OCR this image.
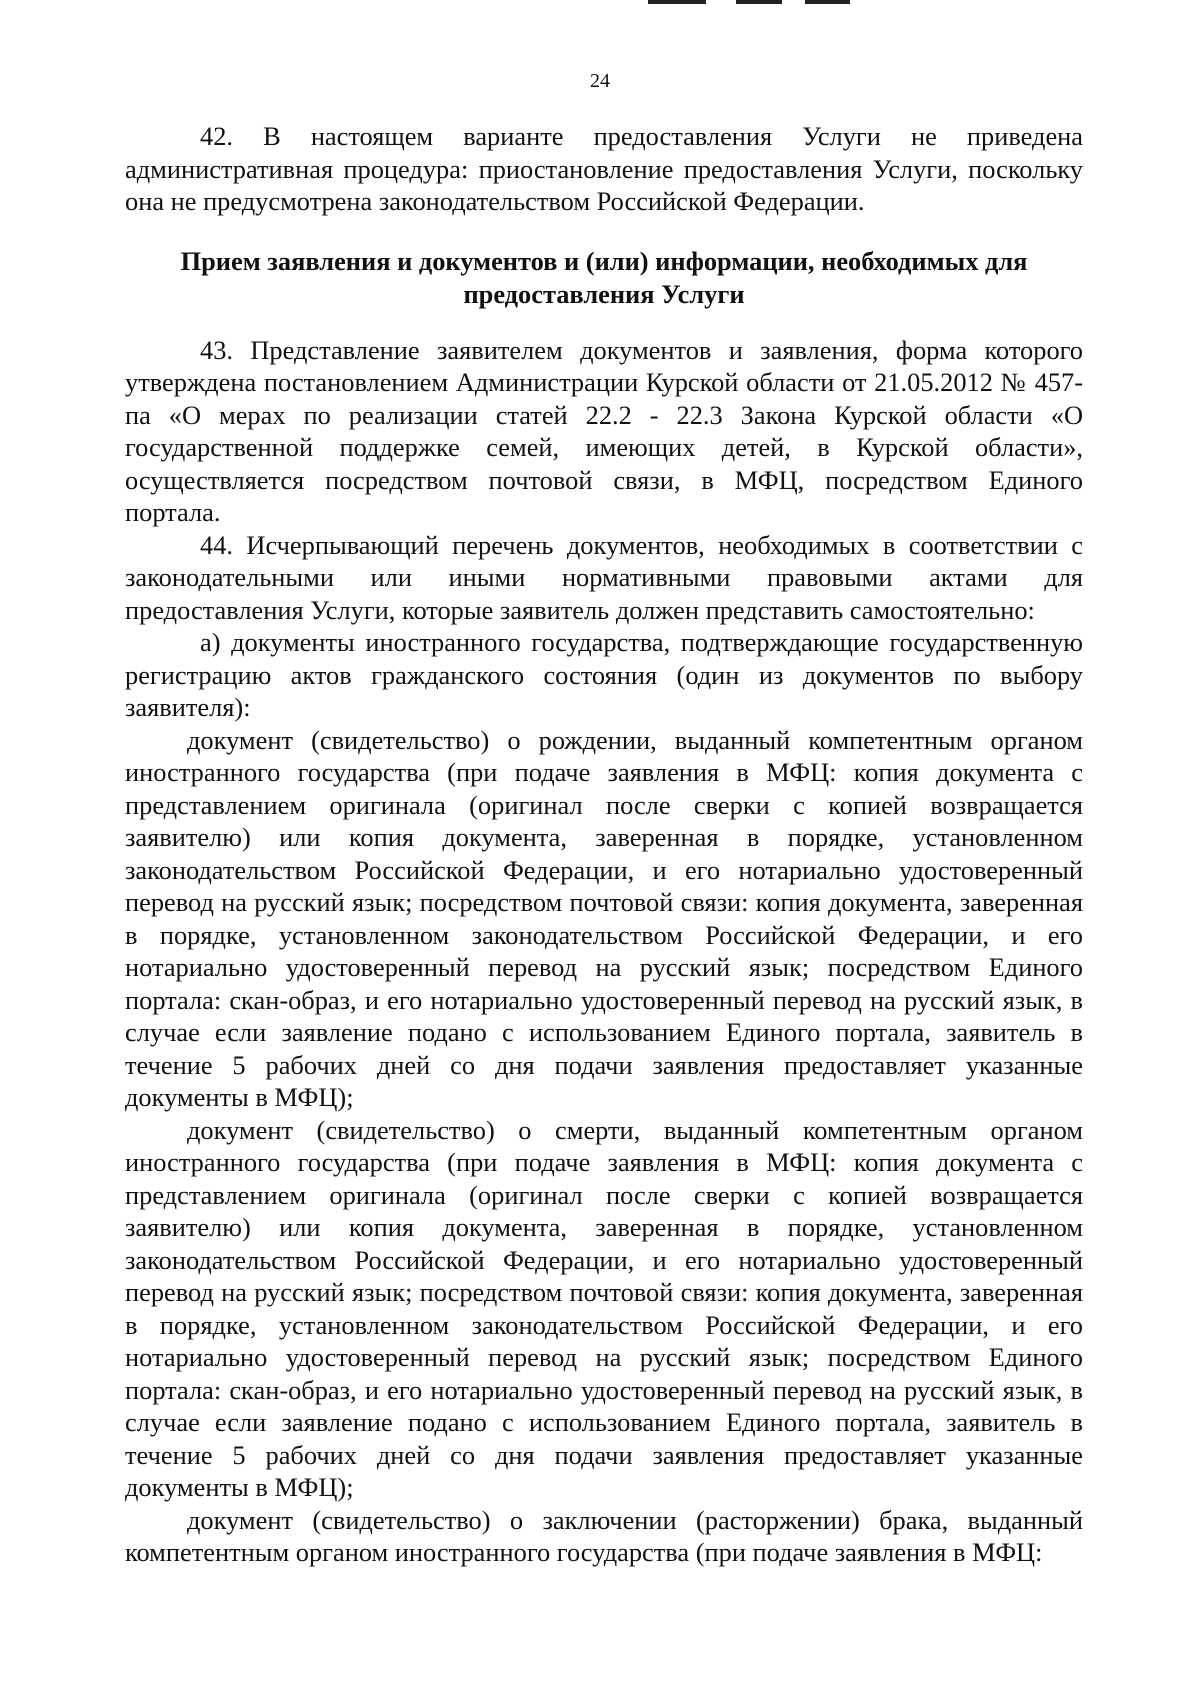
24

42. В настоящем варианте предоставления Услуги не приведена административная процедура: приостановление предоставления Услуги, поскольку она не предусмотрена законодательством Российской Федерации.

Прием заявления и документов и (или) информации, необходимых для предоставления Услуги

43. Представление заявителем документов и заявления, форма которого утверждена постановлением Администрации Курской области от 21.05.2012 № 457-па «О мерах по реализации статей 22.2 - 22.3 Закона Курской области «О государственной поддержке семей, имеющих детей, в Курской области», осуществляется посредством почтовой связи, в МФЦ, посредством Единого портала.

44. Исчерпывающий перечень документов, необходимых в соответствии с законодательными или иными нормативными правовыми актами для предоставления Услуги, которые заявитель должен представить самостоятельно:

а) документы иностранного государства, подтверждающие государственную регистрацию актов гражданского состояния (один из документов по выбору заявителя):

документ (свидетельство) о рождении, выданный компетентным органом иностранного государства (при подаче заявления в МФЦ: копия документа с представлением оригинала (оригинал после сверки с копией возвращается заявителю) или копия документа, заверенная в порядке, установленном законодательством Российской Федерации, и его нотариально удостоверенный перевод на русский язык; посредством почтовой связи: копия документа, заверенная в порядке, установленном законодательством Российской Федерации, и его нотариально удостоверенный перевод на русский язык; посредством Единого портала: скан-образ, и его нотариально удостоверенный перевод на русский язык, в случае если заявление подано с использованием Единого портала, заявитель в течение 5 рабочих дней со дня подачи заявления предоставляет указанные документы в МФЦ);

документ (свидетельство) о смерти, выданный компетентным органом иностранного государства (при подаче заявления в МФЦ: копия документа с представлением оригинала (оригинал после сверки с копией возвращается заявителю) или копия документа, заверенная в порядке, установленном законодательством Российской Федерации, и его нотариально удостоверенный перевод на русский язык; посредством почтовой связи: копия документа, заверенная в порядке, установленном законодательством Российской Федерации, и его нотариально удостоверенный перевод на русский язык; посредством Единого портала: скан-образ, и его нотариально удостоверенный перевод на русский язык, в случае если заявление подано с использованием Единого портала, заявитель в течение 5 рабочих дней со дня подачи заявления предоставляет указанные документы в МФЦ);

документ (свидетельство) о заключении (расторжении) брака, выданный компетентным органом иностранного государства (при подаче заявления в МФЦ:
